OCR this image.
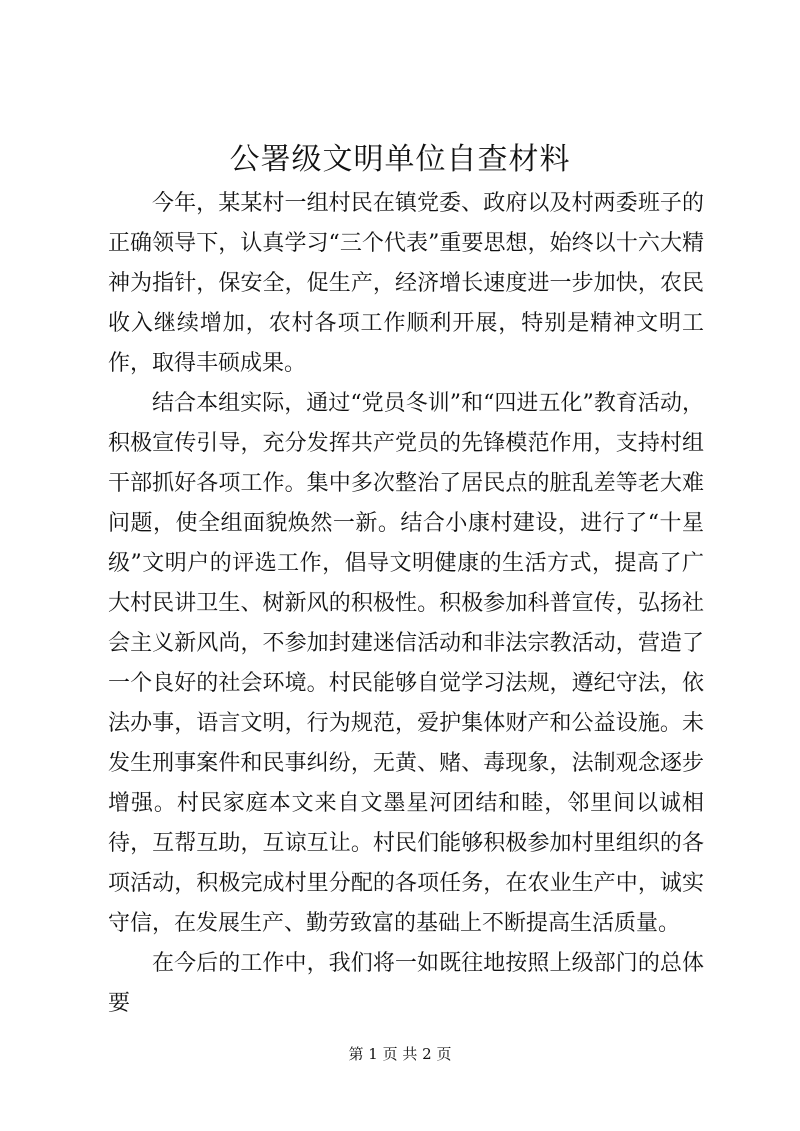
公署级文明单位自查材料

今年，某某村一组村民在镇党委、政府以及村两委班子的正确领导下，认真学习“三个代表”重要思想，始终以十六大精神为指针，保安全，促生产，经济增长速度进一步加快，农民收入继续增加，农村各项工作顺利开展，特别是精神文明工作，取得丰硕成果。

结合本组实际，通过“党员冬训”和“四进五化”教育活动，积极宣传引导，充分发挥共产党员的先锋模范作用，支持村组干部抓好各项工作。集中多次整治了居民点的脏乱差等老大难问题，使全组面貌焕然一新。结合小康村建设，进行了“十星级”文明户的评选工作，倡导文明健康的生活方式，提高了广大村民讲卫生、树新风的积极性。积极参加科普宣传，弘扬社会主义新风尚，不参加封建迷信活动和非法宗教活动，营造了一个良好的社会环境。村民能够自觉学习法规，遵纪守法，依法办事，语言文明，行为规范，爱护集体财产和公益设施。未发生刑事案件和民事纠纷，无黄、赌、毒现象，法制观念逐步增强。村民家庭本文来自文墨星河团结和睦，邻里间以诚相待，互帮互助，互谅互让。村民们能够积极参加村里组织的各项活动，积极完成村里分配的各项任务，在农业生产中，诚实守信，在发展生产、勤劳致富的基础上不断提高生活质量。

在今后的工作中，我们将一如既往地按照上级部门的总体要

第 1 页 共 2 页
